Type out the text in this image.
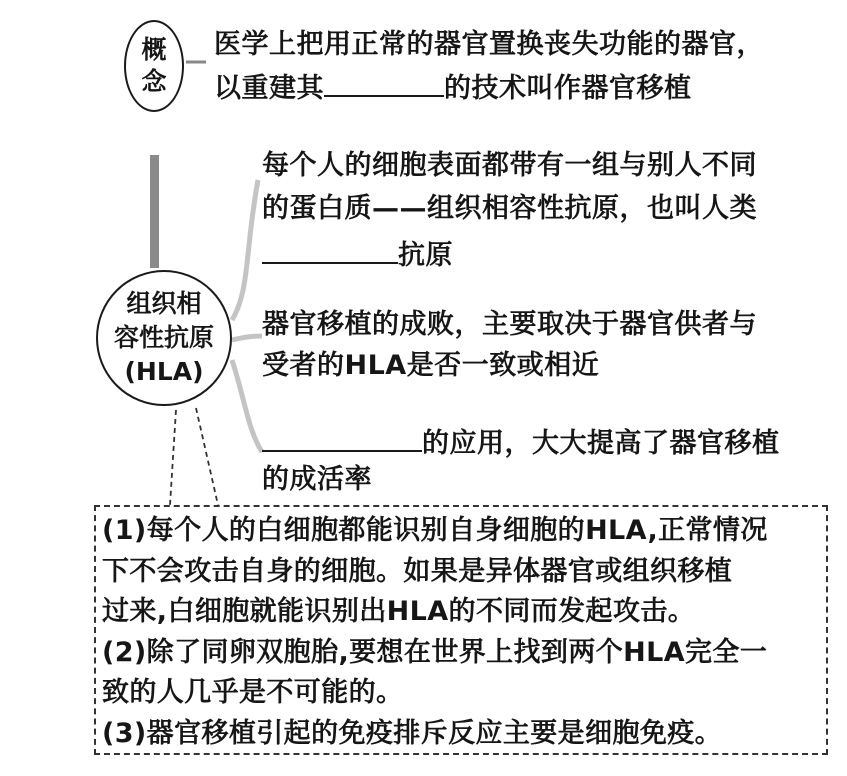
概
念
医学上把用正常的器官置换丧失功能的器官，
以重建其	的技术叫作器官移植
组织相
容性抗原
(HLA)
每个人的细胞表面都带有一组与别人不同
的蛋白质——组织相容性抗原，也叫人类
抗原
器官移植的成败，主要取决于器官供者与
受者的HLA是否一致或相近
的应用，大大提高了器官移植
的成活率
(1)每个人的白细胞都能识别自身细胞的HLA,正常情况
下不会攻击自身的细胞。如果是异体器官或组织移植
过来,白细胞就能识别出HLA的不同而发起攻击。
(2)除了同卵双胞胎,要想在世界上找到两个HLA完全一
致的人几乎是不可能的。
(3)器官移植引起的免疫排斥反应主要是细胞免疫。
